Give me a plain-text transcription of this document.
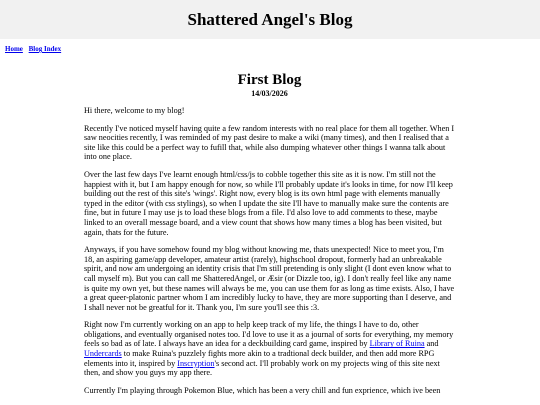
Shattered Angel's Blog
Home Blog Index
First Blog
14/03/2026

Hi there, welcome to my blog!

Recently I've noticed myself having quite a few random interests with no real place for them all together. When I saw neocities recently, I was reminded of my past desire to make a wiki (many times), and then I realised that a site like this could be a perfect way to fufill that, while also dumping whatever other things I wanna talk about into one place.

Over the last few days I've learnt enough html/css/js to cobble together this site as it is now. I'm still not the happiest with it, but I am happy enough for now, so while I'll probably update it's looks in time, for now I'll keep building out the rest of this site's 'wings'. Right now, every blog is its own html page with elements manually typed in the editor (with css stylings), so when I update the site I'll have to manually make sure the contents are fine, but in future I may use js to load these blogs from a file. I'd also love to add comments to these, maybe linked to an overall message board, and a view count that shows how many times a blog has been visited, but again, thats for the future.

Anyways, if you have somehow found my blog without knowing me, thats unexpected! Nice to meet you, I'm 18, an aspiring game/app developer, amateur artist (rarely), highschool dropout, formerly had an unbreakable spirit, and now am undergoing an identity crisis that I'm still pretending is only slight (I dont even know what to call myself rn). But you can call me ShatteredAngel, or Æsir (or Dizzle too, ig). I don't really feel like any name is quite my own yet, but these names will always be me, you can use them for as long as time exists. Also, I have a great queer-platonic partner whom I am incredibly lucky to have, they are more supporting than I deserve, and I shall never not be greatful for it. Thank you, I'm sure you'll see this :3.

Right now I'm currently working on an app to help keep track of my life, the things I have to do, other obligations, and eventually organised notes too. I'd love to use it as a journal of sorts for everything, my memory feels so bad as of late. I always have an idea for a deckbuilding card game, inspired by Library of Ruina and Undercards to make Ruina's puzzlely fights more akin to a tradtional deck builder, and then add more RPG elements into it, inspired by Inscryption's second act. I'll probably work on my projects wing of this site next then, and show you guys my app there.

Currently I'm playing through Pokemon Blue, which has been a very chill and fun exprience, which ive been
